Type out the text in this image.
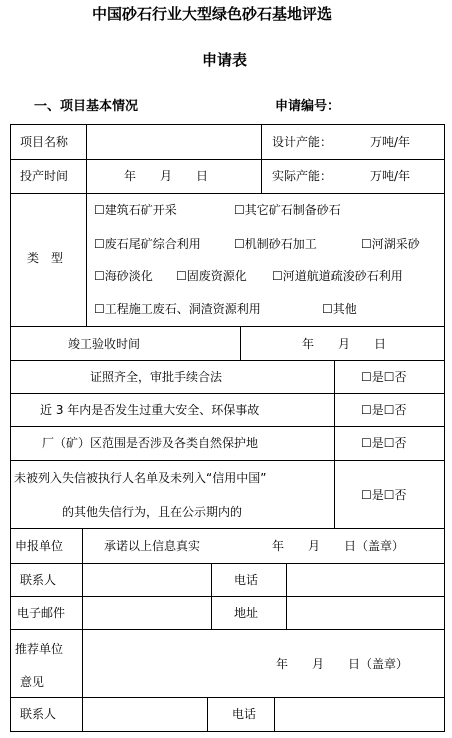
中国砂石行业大型绿色砂石基地评选
申请表
一、项目基本情况	申请编号：
项目名称	设计产能：	万吨/年
投产时间	年　　月　　日	实际产能：	万吨/年
类　型
☐建筑石矿开采	☐其它矿石制备砂石
☐废石尾矿综合利用	☐机制砂石加工	☐河湖采砂
☐海砂淡化 ☐固废资源化 ☐河道航道疏浚砂石利用
☐工程施工废石、洞渣资源利用	☐其他
竣工验收时间	年　　月　　日
证照齐全，审批手续合法	☐是☐否
近 3 年内是否发生过重大安全、环保事故	☐是☐否
厂（矿）区范围是否涉及各类自然保护地	☐是☐否
未被列入失信被执行人名单及未列入“信用中国”
的其他失信行为，且在公示期内的
☐是☐否
申报单位	承诺以上信息真实	年　　月　　日（盖章）
联系人	电话
电子邮件	地址
推荐单位
意见
年　　月　　日（盖章）
联系人	电话
